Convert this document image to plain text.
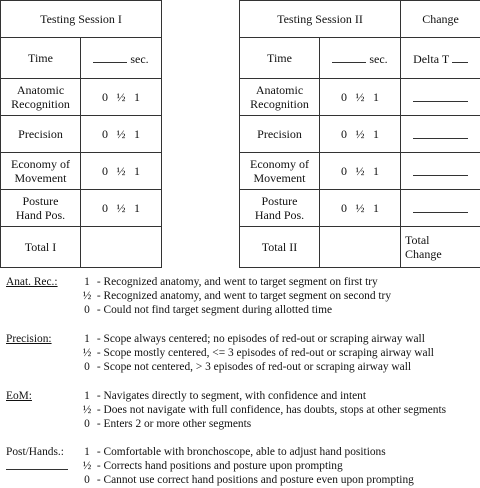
Testing Session I	
Time	sec.
Anatomic
Recognition	0 ½ 1
Precision	0 ½ 1
Economy of
Movement	0 ½ 1
Posture
Hand Pos.	0 ½ 1
Total I	
Testing Session II		Change
Time	sec.	Delta T
Anatomic
Recognition	0 ½ 1	
Precision	0 ½ 1	
Economy of
Movement	0 ½ 1	
Posture
Hand Pos.	0 ½ 1	
Total II		Total
Change
Anat. Rec.:	1 - Recognized anatomy, and went to target segment on first try
½ - Recognized anatomy, and went to target segment on second try
0 - Could not find target segment during allotted time
Precision:	1 - Scope always centered; no episodes of red-out or scraping airway wall
½ - Scope mostly centered, <= 3 episodes of red-out or scraping airway wall
0 - Scope not centered, > 3 episodes of red-out or scraping airway wall
EoM:	1 - Navigates directly to segment, with confidence and intent
½ - Does not navigate with full confidence, has doubts, stops at other segments
0 - Enters 2 or more other segments
Post/Hands.:	1 - Comfortable with bronchoscope, able to adjust hand positions
½ - Corrects hand positions and posture upon prompting
0 - Cannot use correct hand positions and posture even upon prompting
